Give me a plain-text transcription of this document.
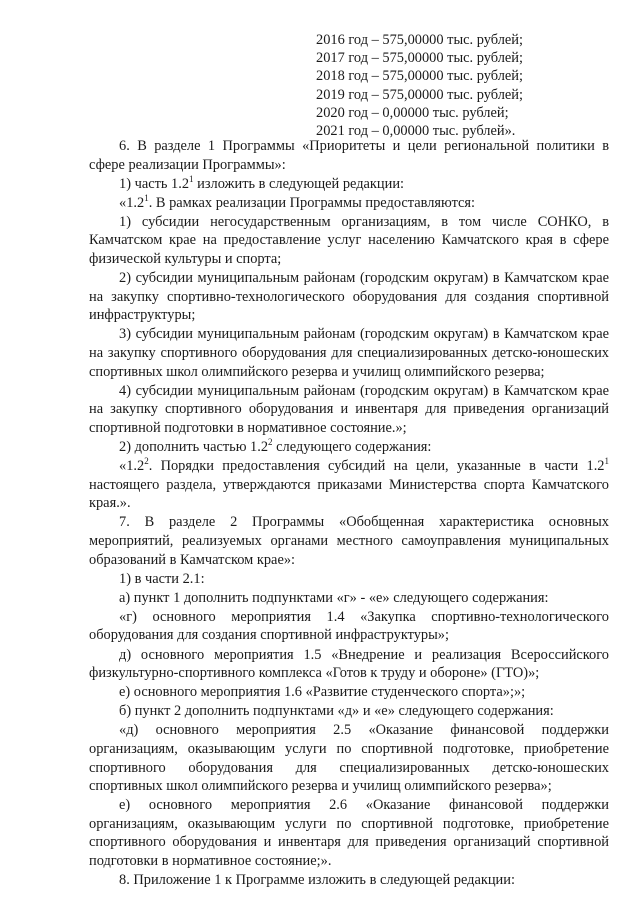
2016 год – 575,00000 тыс. рублей;
2017 год – 575,00000 тыс. рублей;
2018 год – 575,00000 тыс. рублей;
2019 год – 575,00000 тыс. рублей;
2020 год – 0,00000 тыс. рублей;
2021 год – 0,00000 тыс. рублей».

6. В разделе 1 Программы «Приоритеты и цели региональной политики в сфере реализации Программы»:

1) часть $1.2^1$ изложить в следующей редакции:

«$1.2^1$. В рамках реализации Программы предоставляются:

1) субсидии негосударственным организациям, в том числе СОНКО, в Камчатском крае на предоставление услуг населению Камчатского края в сфере физической культуры и спорта;

2) субсидии муниципальным районам (городским округам) в Камчатском крае на закупку спортивно-технологического оборудования для создания спортивной инфраструктуры;

3) субсидии муниципальным районам (городским округам) в Камчатском крае на закупку спортивного оборудования для специализированных детско-юношеских спортивных школ олимпийского резерва и училищ олимпийского резерва;

4) субсидии муниципальным районам (городским округам) в Камчатском крае на закупку спортивного оборудования и инвентаря для приведения организаций спортивной подготовки в нормативное состояние.»;

2) дополнить частью $1.2^2$ следующего содержания:

«$1.2^2$. Порядки предоставления субсидий на цели, указанные в части $1.2^1$ настоящего раздела, утверждаются приказами Министерства спорта Камчатского края.».

7. В разделе 2 Программы «Обобщенная характеристика основных мероприятий, реализуемых органами местного самоуправления муниципальных образований в Камчатском крае»:

1) в части 2.1:

а) пункт 1 дополнить подпунктами «г» - «е» следующего содержания:

«г) основного мероприятия 1.4 «Закупка спортивно-технологического оборудования для создания спортивной инфраструктуры»;

д) основного мероприятия 1.5 «Внедрение и реализация Всероссийского физкультурно-спортивного комплекса «Готов к труду и обороне» (ГТО)»;

е) основного мероприятия 1.6 «Развитие студенческого спорта»;»;

б) пункт 2 дополнить подпунктами «д» и «е» следующего содержания:

«д) основного мероприятия 2.5 «Оказание финансовой поддержки организациям, оказывающим услуги по спортивной подготовке, приобретение спортивного оборудования для специализированных детско-юношеских спортивных школ олимпийского резерва и училищ олимпийского резерва»;

е) основного мероприятия 2.6 «Оказание финансовой поддержки организациям, оказывающим услуги по спортивной подготовке, приобретение спортивного оборудования и инвентаря для приведения организаций спортивной подготовки в нормативное состояние;».

8. Приложение 1 к Программе изложить в следующей редакции:
